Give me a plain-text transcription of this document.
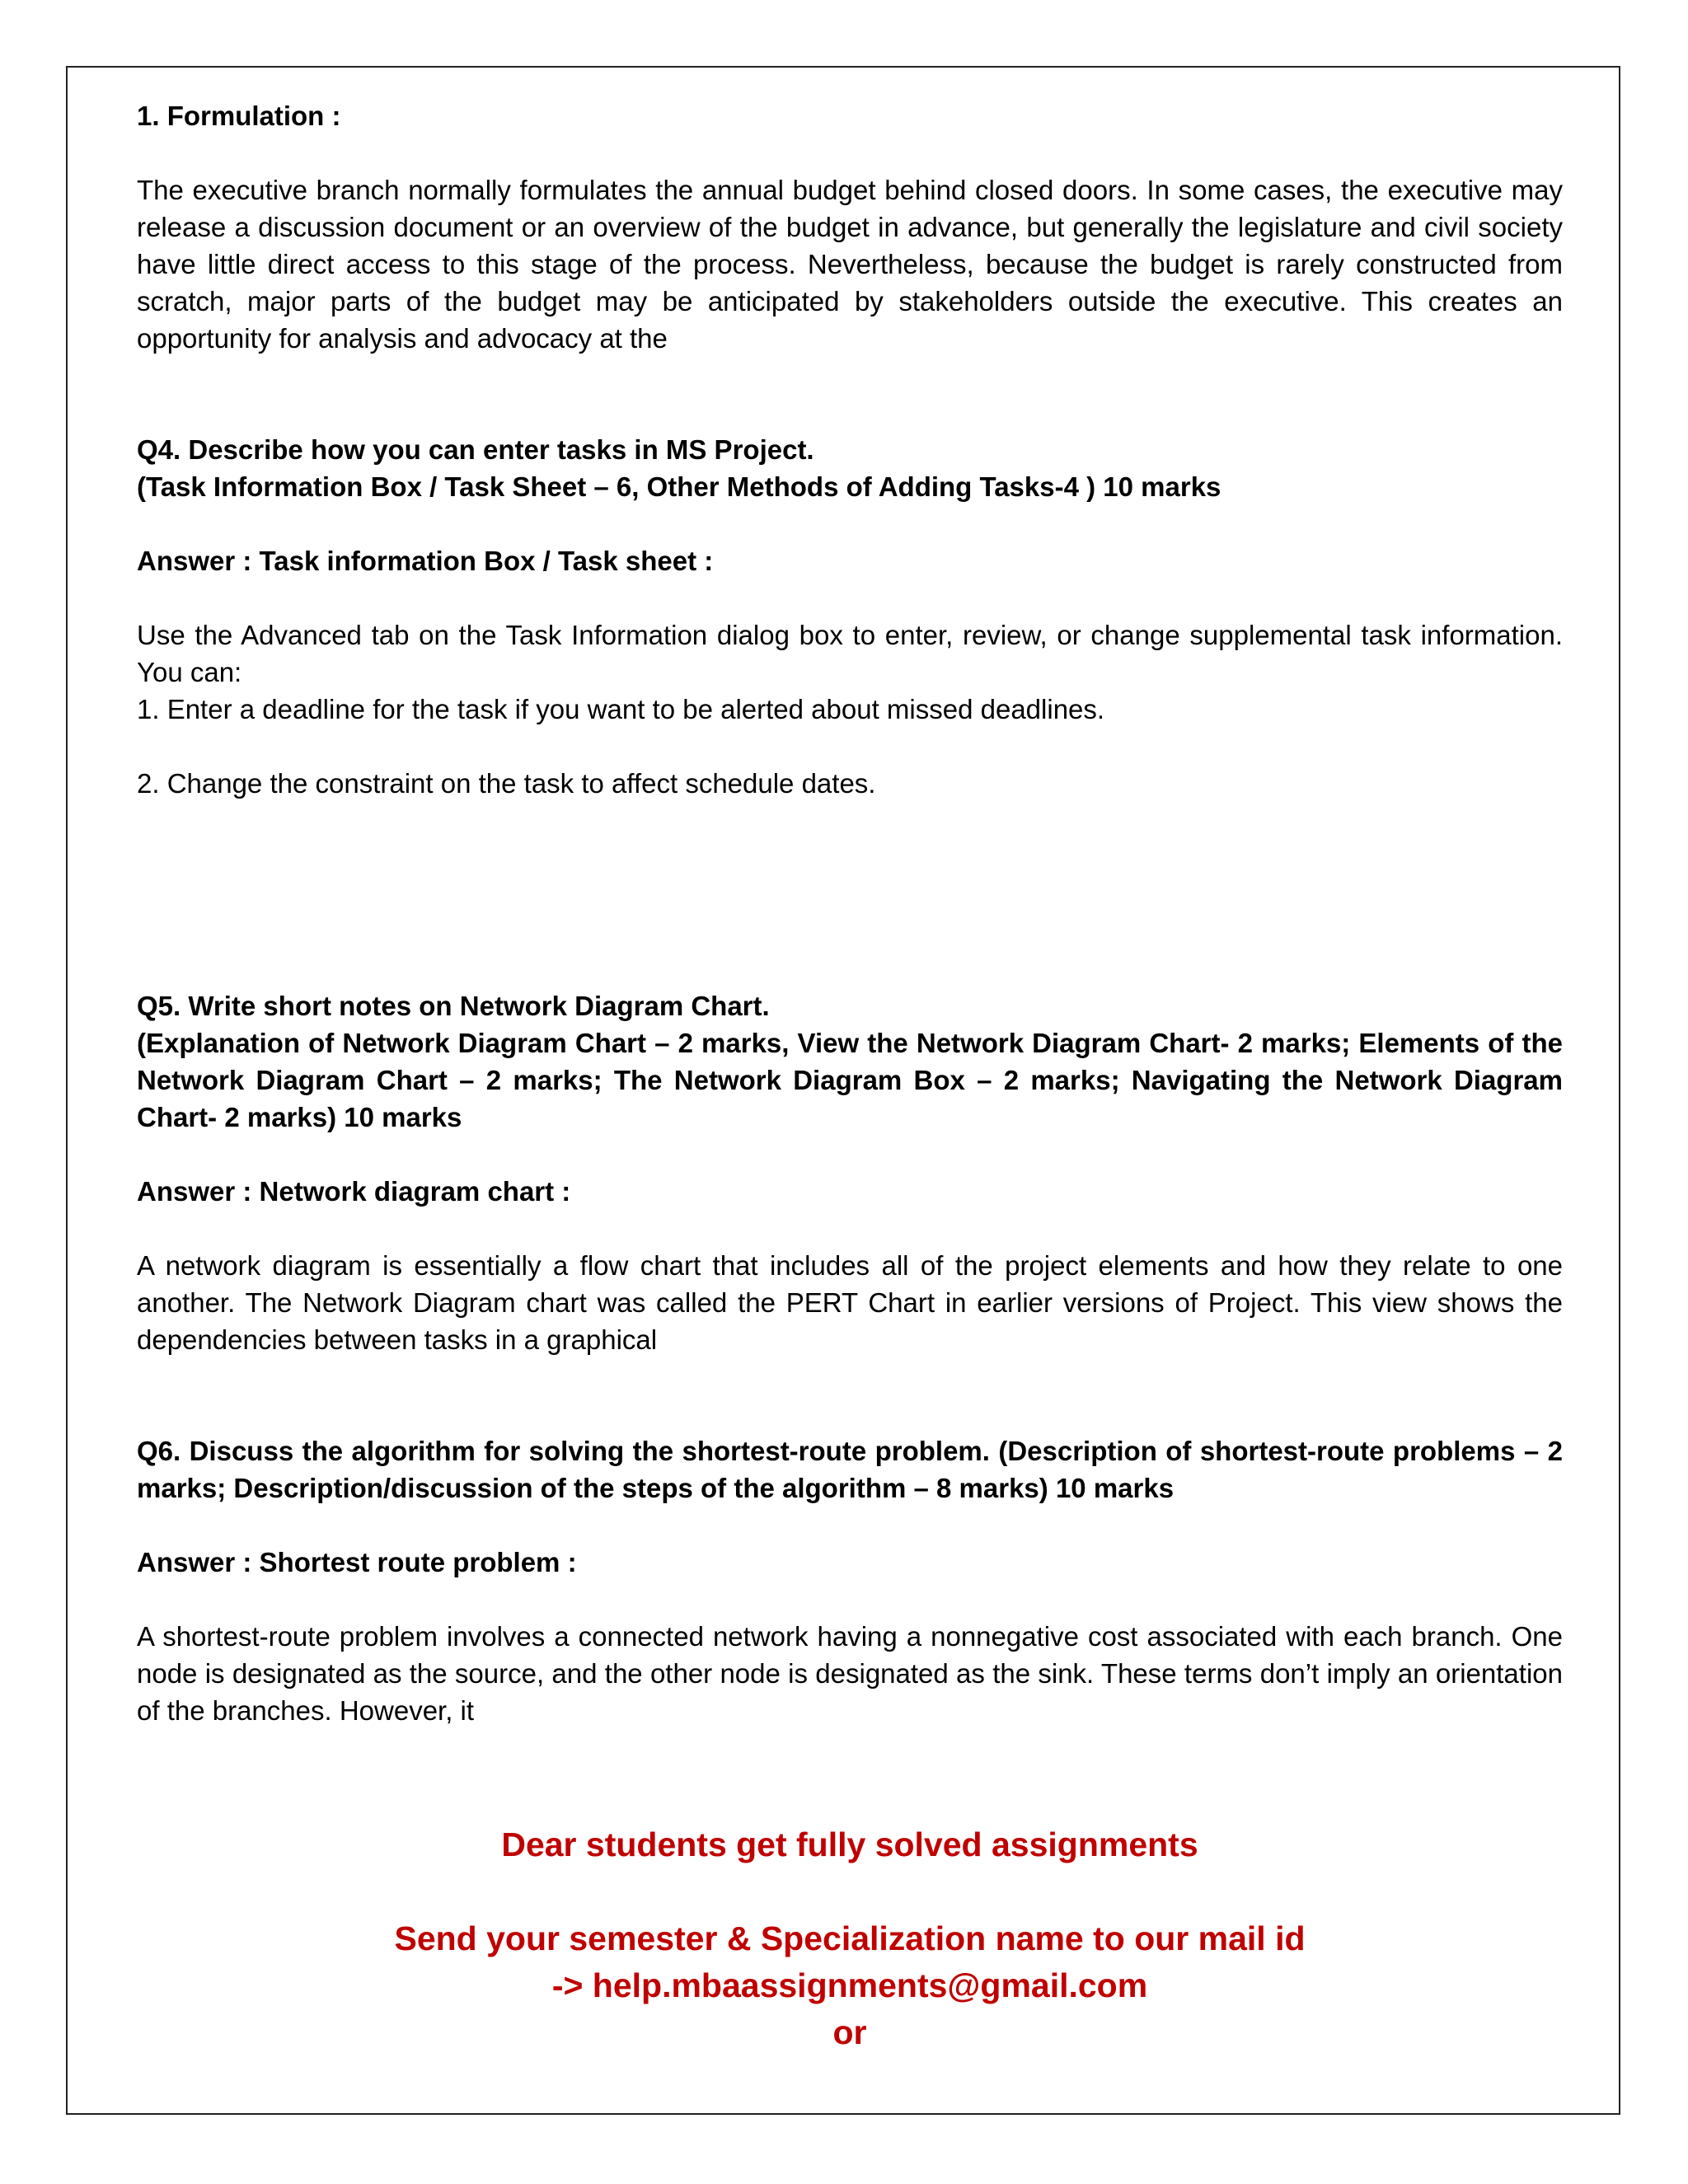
1. Formulation :

The executive branch normally formulates the annual budget behind closed doors. In some cases, the executive may release a discussion document or an overview of the budget in advance, but generally the legislature and civil society have little direct access to this stage of the process. Nevertheless, because the budget is rarely constructed from scratch, major parts of the budget may be anticipated by stakeholders outside the executive. This creates an opportunity for analysis and advocacy at the

Q4. Describe how you can enter tasks in MS Project.

(Task Information Box / Task Sheet – 6, Other Methods of Adding Tasks-4 ) 10 marks

Answer : Task information Box / Task sheet :

Use the Advanced tab on the Task Information dialog box to enter, review, or change supplemental task information. You can:

1. Enter a deadline for the task if you want to be alerted about missed deadlines.

2. Change the constraint on the task to affect schedule dates.

Q5. Write short notes on Network Diagram Chart.

(Explanation of Network Diagram Chart – 2 marks, View the Network Diagram Chart- 2 marks; Elements of the Network Diagram Chart – 2 marks; The Network Diagram Box – 2 marks; Navigating the Network Diagram Chart- 2 marks) 10 marks

Answer : Network diagram chart :

A network diagram is essentially a flow chart that includes all of the project elements and how they relate to one another. The Network Diagram chart was called the PERT Chart in earlier versions of Project. This view shows the dependencies between tasks in a graphical

Q6. Discuss the algorithm for solving the shortest-route problem. (Description of shortest-route problems – 2 marks; Description/discussion of the steps of the algorithm – 8 marks) 10 marks

Answer : Shortest route problem :

A shortest-route problem involves a connected network having a nonnegative cost associated with each branch. One node is designated as the source, and the other node is designated as the sink. These terms don’t imply an orientation of the branches. However, it

Dear students get fully solved assignments

Send your semester & Specialization name to our mail id

-> help.mbaassignments@gmail.com

or
